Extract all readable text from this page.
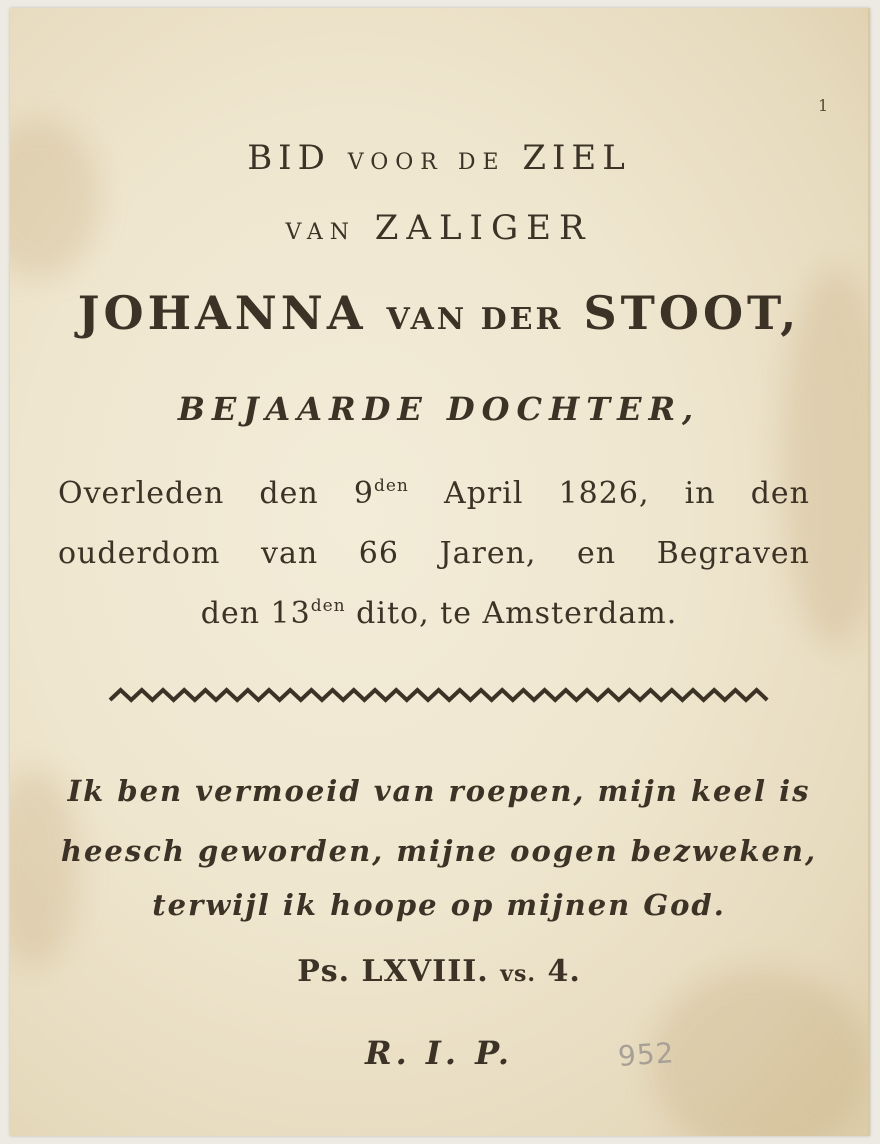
1
BID VOOR DE ZIEL
VAN ZALIGER
JOHANNA VAN DER STOOT,
BEJAARDE DOCHTER,
Overleden den $9^{den}$ April 1826, in den
ouderdom van 66 Jaren, en Begraven
den $13^{den}$ dito, te Amsterdam.
Ik ben vermoeid van roepen, mijn keel is
heesch geworden, mijne oogen bezweken,
terwijl ik hoope op mijnen God.
Ps. LXVIII. vs. 4.
R. I. P.	952
